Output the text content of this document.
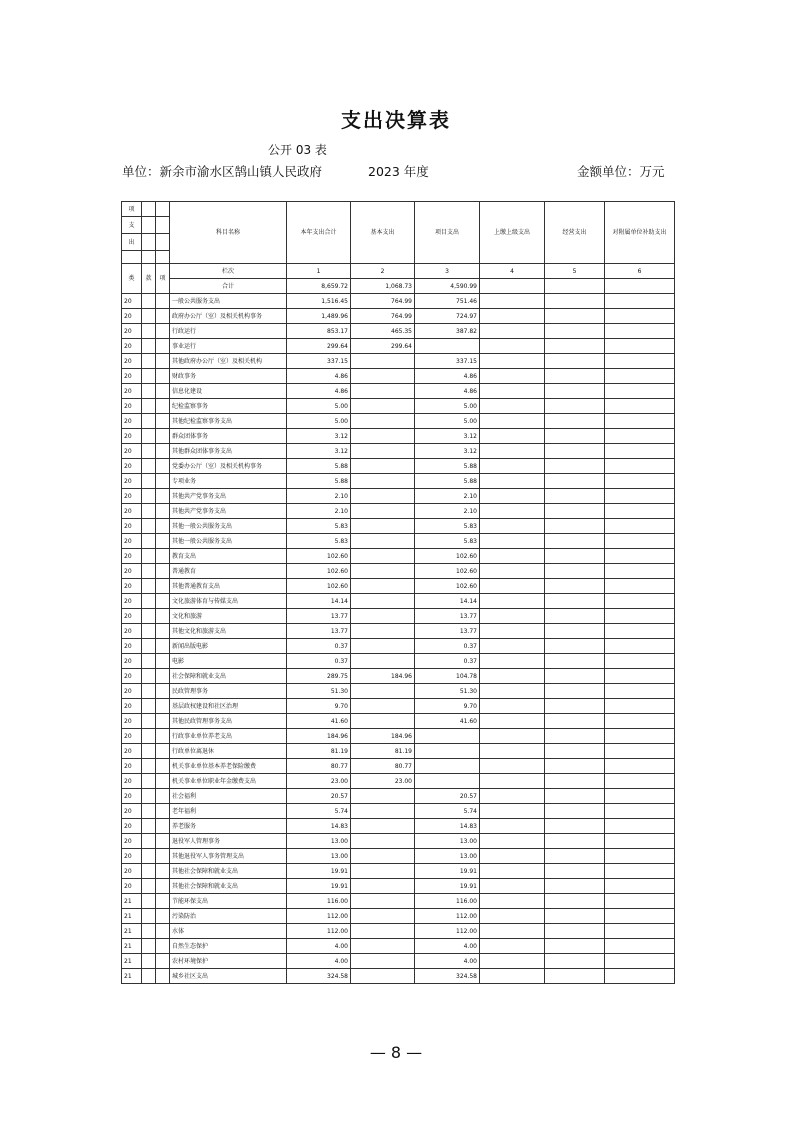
支出决算表
公开 03 表
单位：新余市渝水区鹄山镇人民政府	2023 年度	金额单位：万元
项			科目名称	本年支出合计	基本支出	项目支出	上缴上级支出	经营支出	对附属单位补助支出
支									
出									

类	款	项	栏次	1	2	3	4	5	6
			合计	8,659.72	1,068.73	4,590.99			
20			一般公共服务支出	1,516.45	764.99	751.46			
20			政府办公厅（室）及相关机构事务	1,489.96	764.99	724.97			
20			行政运行	853.17	465.35	387.82			
20			事业运行	299.64	299.64				
20			其他政府办公厅（室）及相关机构	337.15		337.15			
20			财政事务	4.86		4.86			
20			信息化建设	4.86		4.86			
20			纪检监察事务	5.00		5.00			
20			其他纪检监察事务支出	5.00		5.00			
20			群众团体事务	3.12		3.12			
20			其他群众团体事务支出	3.12		3.12			
20			党委办公厅（室）及相关机构事务	5.88		5.88			
20			专项业务	5.88		5.88			
20			其他共产党事务支出	2.10		2.10			
20			其他共产党事务支出	2.10		2.10			
20			其他一般公共服务支出	5.83		5.83			
20			其他一般公共服务支出	5.83		5.83			
20			教育支出	102.60		102.60			
20			普通教育	102.60		102.60			
20			其他普通教育支出	102.60		102.60			
20			文化旅游体育与传媒支出	14.14		14.14			
20			文化和旅游	13.77		13.77			
20			其他文化和旅游支出	13.77		13.77			
20			新闻出版电影	0.37		0.37			
20			电影	0.37		0.37			
20			社会保障和就业支出	289.75	184.96	104.78			
20			民政管理事务	51.30		51.30			
20			基层政权建设和社区治理	9.70		9.70			
20			其他民政管理事务支出	41.60		41.60			
20			行政事业单位养老支出	184.96	184.96				
20			行政单位离退休	81.19	81.19				
20			机关事业单位基本养老保险缴费	80.77	80.77				
20			机关事业单位职业年金缴费支出	23.00	23.00				
20			社会福利	20.57		20.57			
20			老年福利	5.74		5.74			
20			养老服务	14.83		14.83			
20			退役军人管理事务	13.00		13.00			
20			其他退役军人事务管理支出	13.00		13.00			
20			其他社会保障和就业支出	19.91		19.91			
20			其他社会保障和就业支出	19.91		19.91			
21			节能环保支出	116.00		116.00			
21			污染防治	112.00		112.00			
21			水体	112.00		112.00			
21			自然生态保护	4.00		4.00			
21			农村环境保护	4.00		4.00			
21			城乡社区支出	324.58		324.58			
— 8 —
